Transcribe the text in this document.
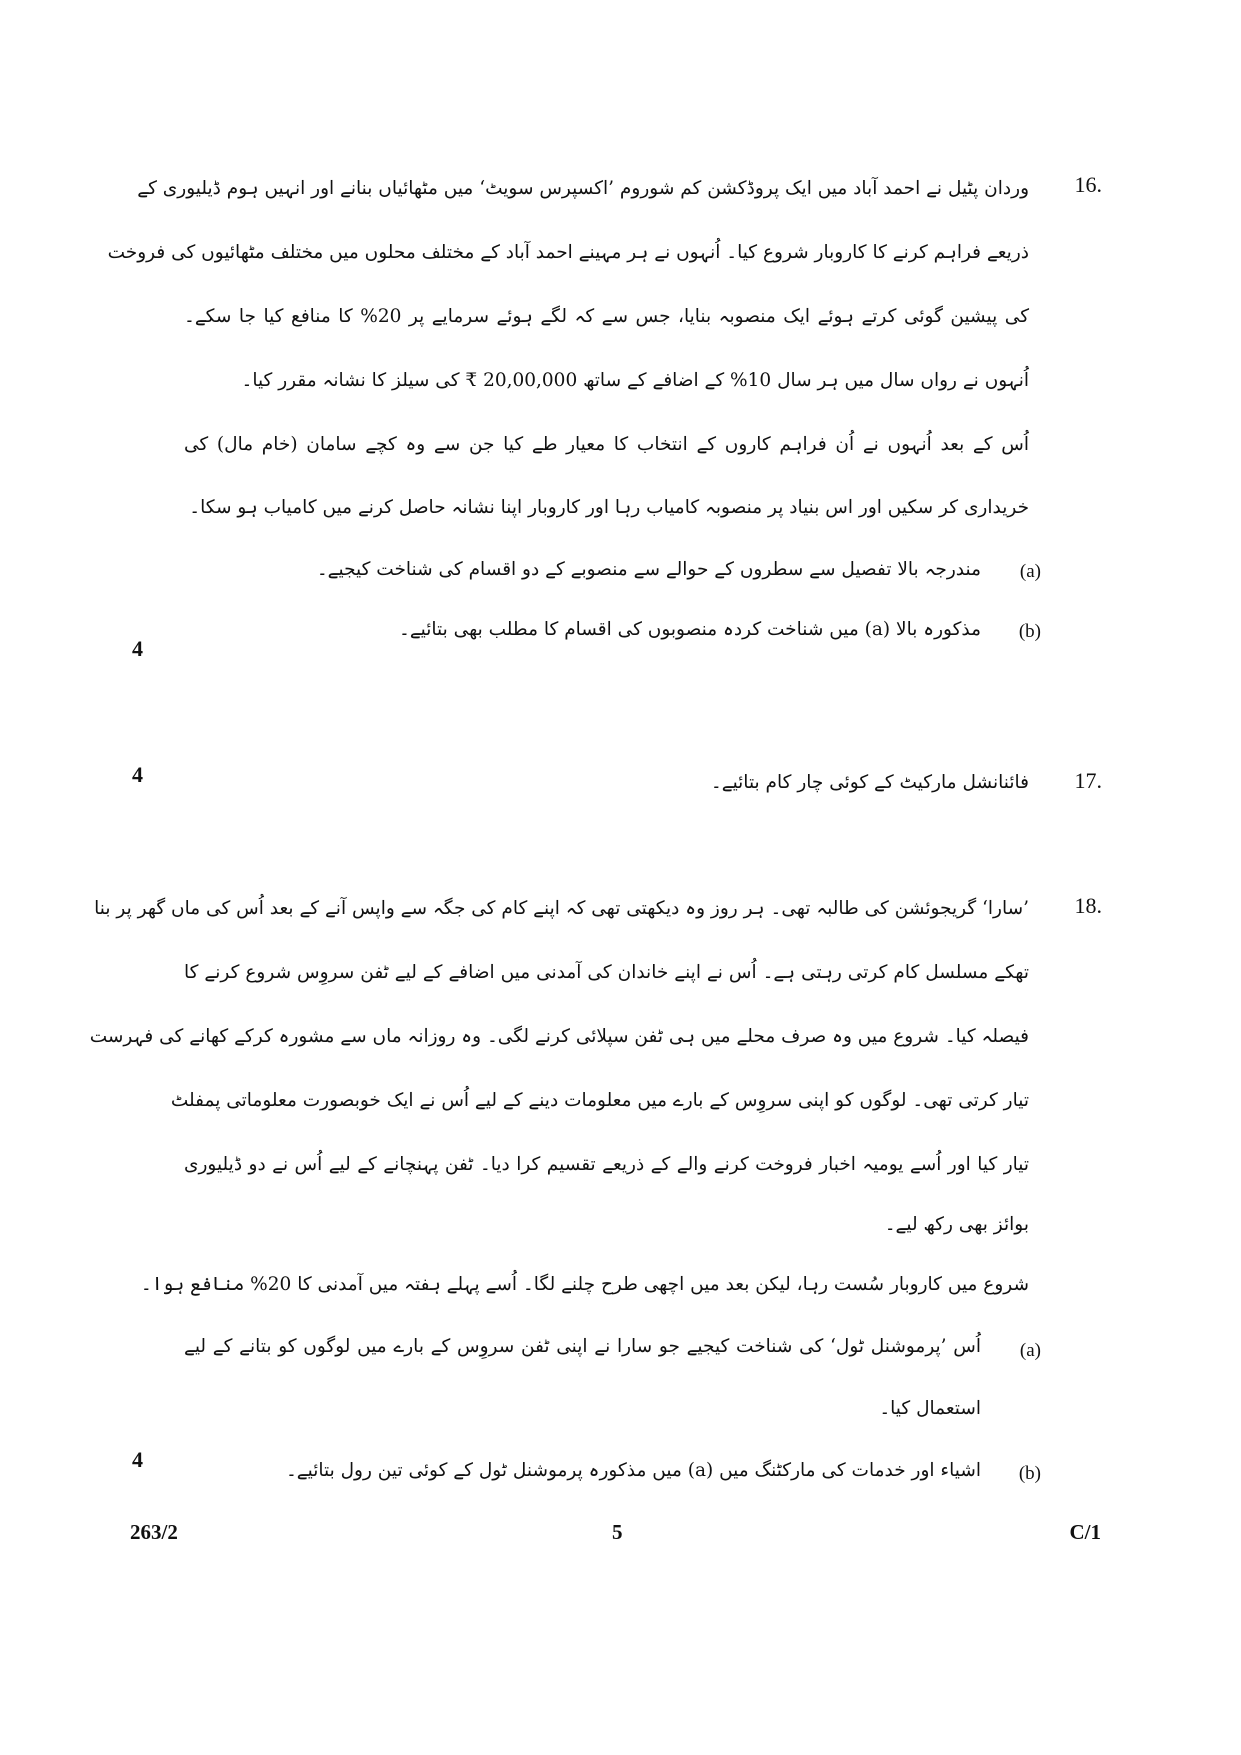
16.
وردان پٹیل نے احمد آباد میں ایک پروڈکشن کم شوروم ’اکسپرس سویٹ‘ میں مٹھائیاں بنانے اور انہیں ہوم ڈیلیوری کے
ذریعے فراہم کرنے کا کاروبار شروع کیا۔ اُنہوں نے ہر مہینے احمد آباد کے مختلف محلوں میں مختلف مٹھائیوں کی فروخت
کی پیشین گوئی کرتے ہوئے ایک منصوبہ بنایا، جس سے کہ لگے ہوئے سرمایے پر 20% کا منافع کیا جا سکے۔
اُنہوں نے رواں سال میں ہر سال 10% کے اضافے کے ساتھ 20,00,000 ₹ کی سیلز کا نشانہ مقرر کیا۔
اُس کے بعد اُنہوں نے اُن فراہم کاروں کے انتخاب کا معیار طے کیا جن سے وہ کچے سامان (خام مال) کی
خریداری کر سکیں اور اس بنیاد پر منصوبہ کامیاب رہا اور کاروبار اپنا نشانہ حاصل کرنے میں کامیاب ہو سکا۔
(a)
مندرجہ بالا تفصیل سے سطروں کے حوالے سے منصوبے کے دو اقسام کی شناخت کیجیے۔
(b)
مذکورہ بالا (a) میں شناخت کردہ منصوبوں کی اقسام کا مطلب بھی بتائیے۔
4
17.
فائنانشل مارکیٹ کے کوئی چار کام بتائیے۔
4
18.
’سارا‘ گریجوئشن کی طالبہ تھی۔ ہر روز وہ دیکھتی تھی کہ اپنے کام کی جگہ سے واپس آنے کے بعد اُس کی ماں گھر پر بنا
تھکے مسلسل کام کرتی رہتی ہے۔ اُس نے اپنے خاندان کی آمدنی میں اضافے کے لیے ٹفن سروِس شروع کرنے کا
فیصلہ کیا۔ شروع میں وہ صرف محلے میں ہی ٹفن سپلائی کرنے لگی۔ وہ روزانہ ماں سے مشورہ کرکے کھانے کی فہرست
تیار کرتی تھی۔ لوگوں کو اپنی سروِس کے بارے میں معلومات دینے کے لیے اُس نے ایک خوبصورت معلوماتی پمفلٹ
تیار کیا اور اُسے یومیہ اخبار فروخت کرنے والے کے ذریعے تقسیم کرا دیا۔ ٹفن پہنچانے کے لیے اُس نے دو ڈیلیوری
بوائز بھی رکھ لیے۔
شروع میں کاروبار سُست رہا، لیکن بعد میں اچھی طرح چلنے لگا۔ اُسے پہلے ہفتہ میں آمدنی کا 20% منافع ہوا۔
(a)
اُس ’پرموشنل ٹول‘ کی شناخت کیجیے جو سارا نے اپنی ٹفن سروِس کے بارے میں لوگوں کو بتانے کے لیے
استعمال کیا۔
(b)
اشیاء اور خدمات کی مارکٹنگ میں (a) میں مذکورہ پرموشنل ٹول کے کوئی تین رول بتائیے۔
4
263/2	5	C/1
